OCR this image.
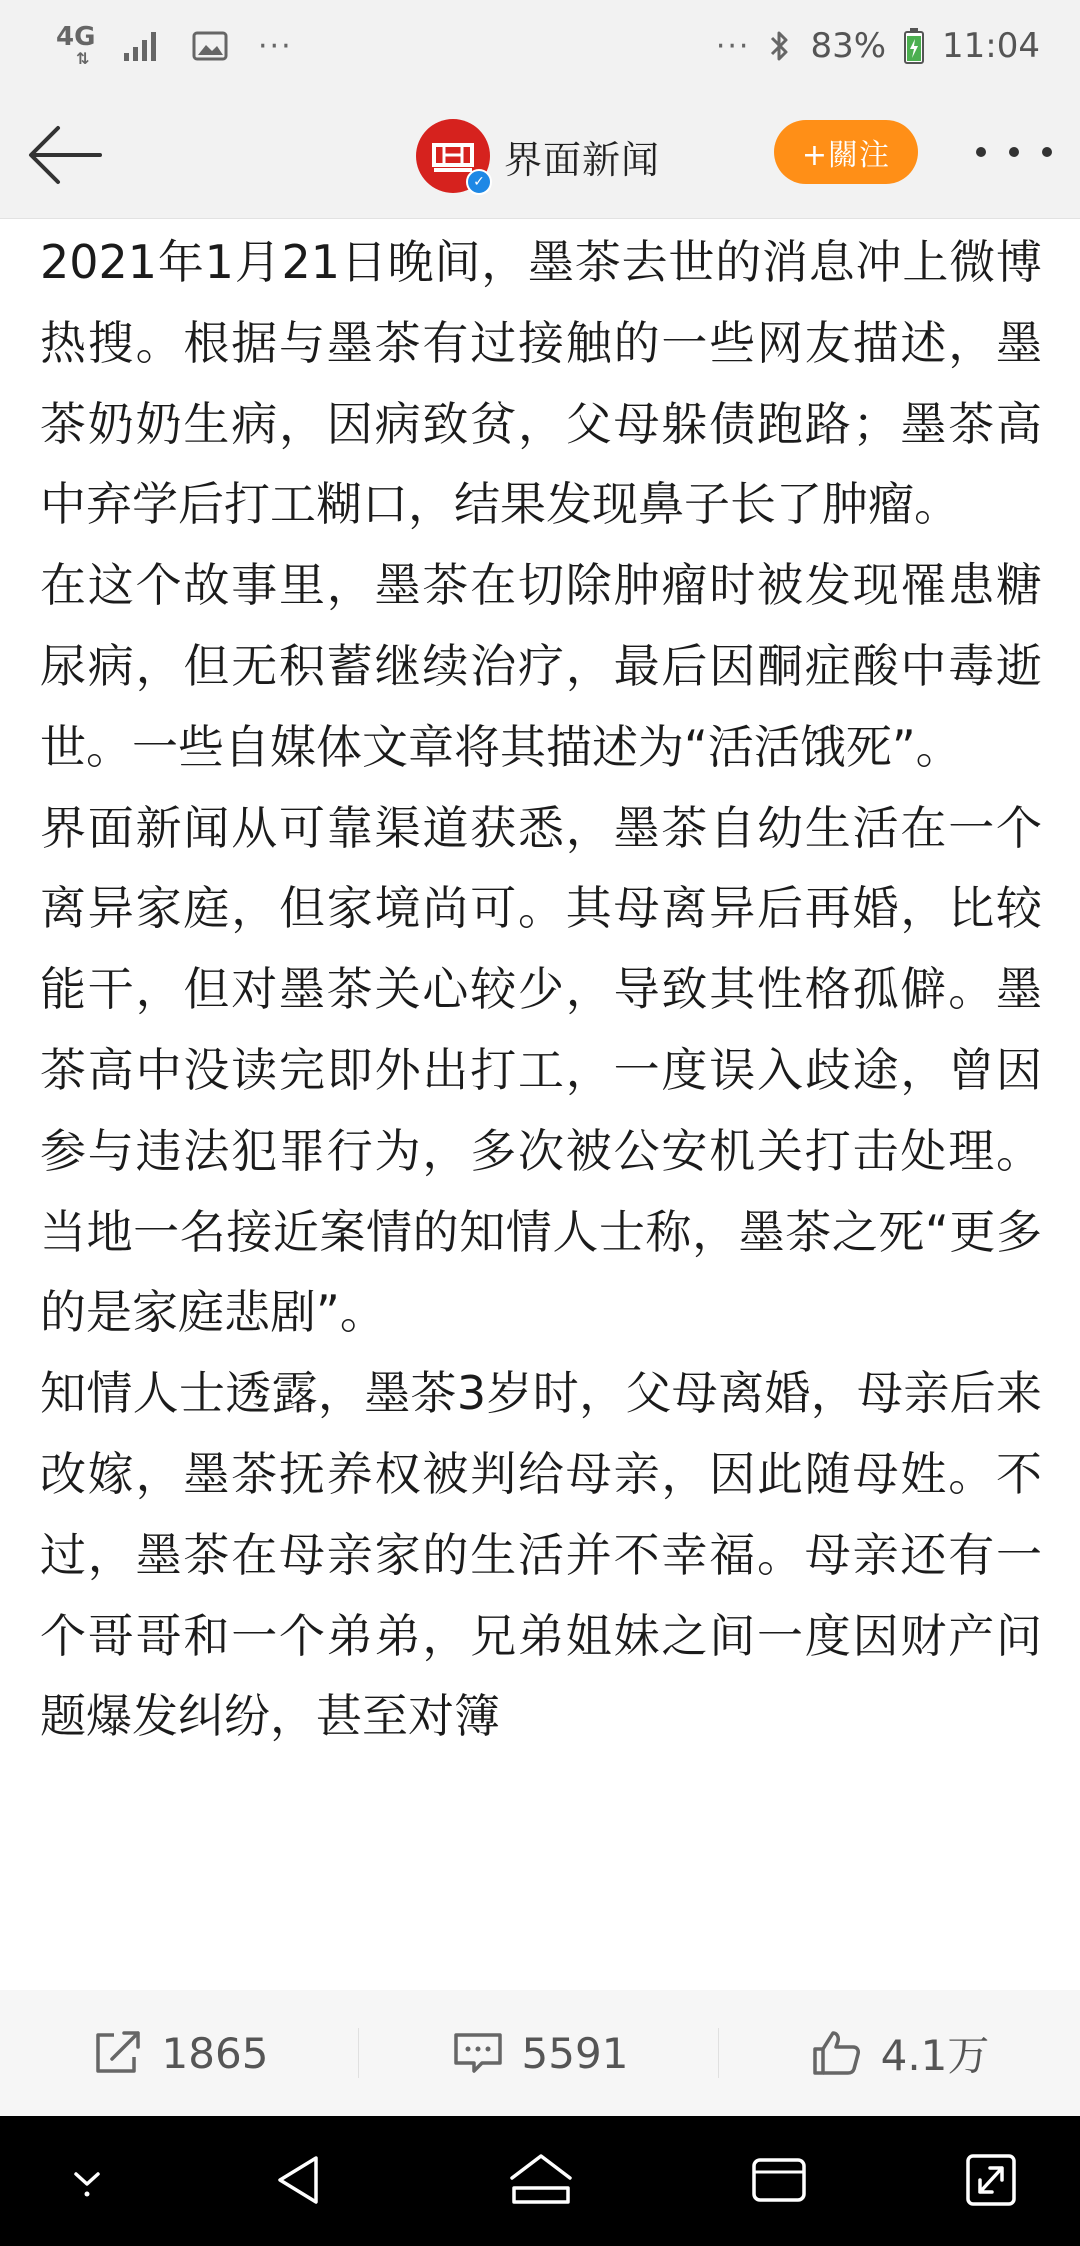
4G
⇅	···	··· 83% 11:04
✓
界面新闻	+關注

2021年1月21日晚间，墨茶去世的消息冲上微博热搜。根据与墨茶有过接触的一些网友描述，墨茶奶奶生病，因病致贫，父母躲债跑路；墨茶高中弃学后打工糊口，结果发现鼻子长了肿瘤。

在这个故事里，墨茶在切除肿瘤时被发现罹患糖尿病，但无积蓄继续治疗，最后因酮症酸中毒逝世。一些自媒体文章将其描述为“活活饿死”。

界面新闻从可靠渠道获悉，墨茶自幼生活在一个离异家庭，但家境尚可。其母离异后再婚，比较能干，但对墨茶关心较少，导致其性格孤僻。墨茶高中没读完即外出打工，一度误入歧途，曾因参与违法犯罪行为，多次被公安机关打击处理。当地一名接近案情的知情人士称，墨茶之死“更多的是家庭悲剧”。

知情人士透露，墨茶3岁时，父母离婚，母亲后来改嫁，墨茶抚养权被判给母亲，因此随母姓。不过，墨茶在母亲家的生活并不幸福。母亲还有一个哥哥和一个弟弟，兄弟姐妹之间一度因财产问题爆发纠纷，甚至对簿

1865	5591	4.1万
